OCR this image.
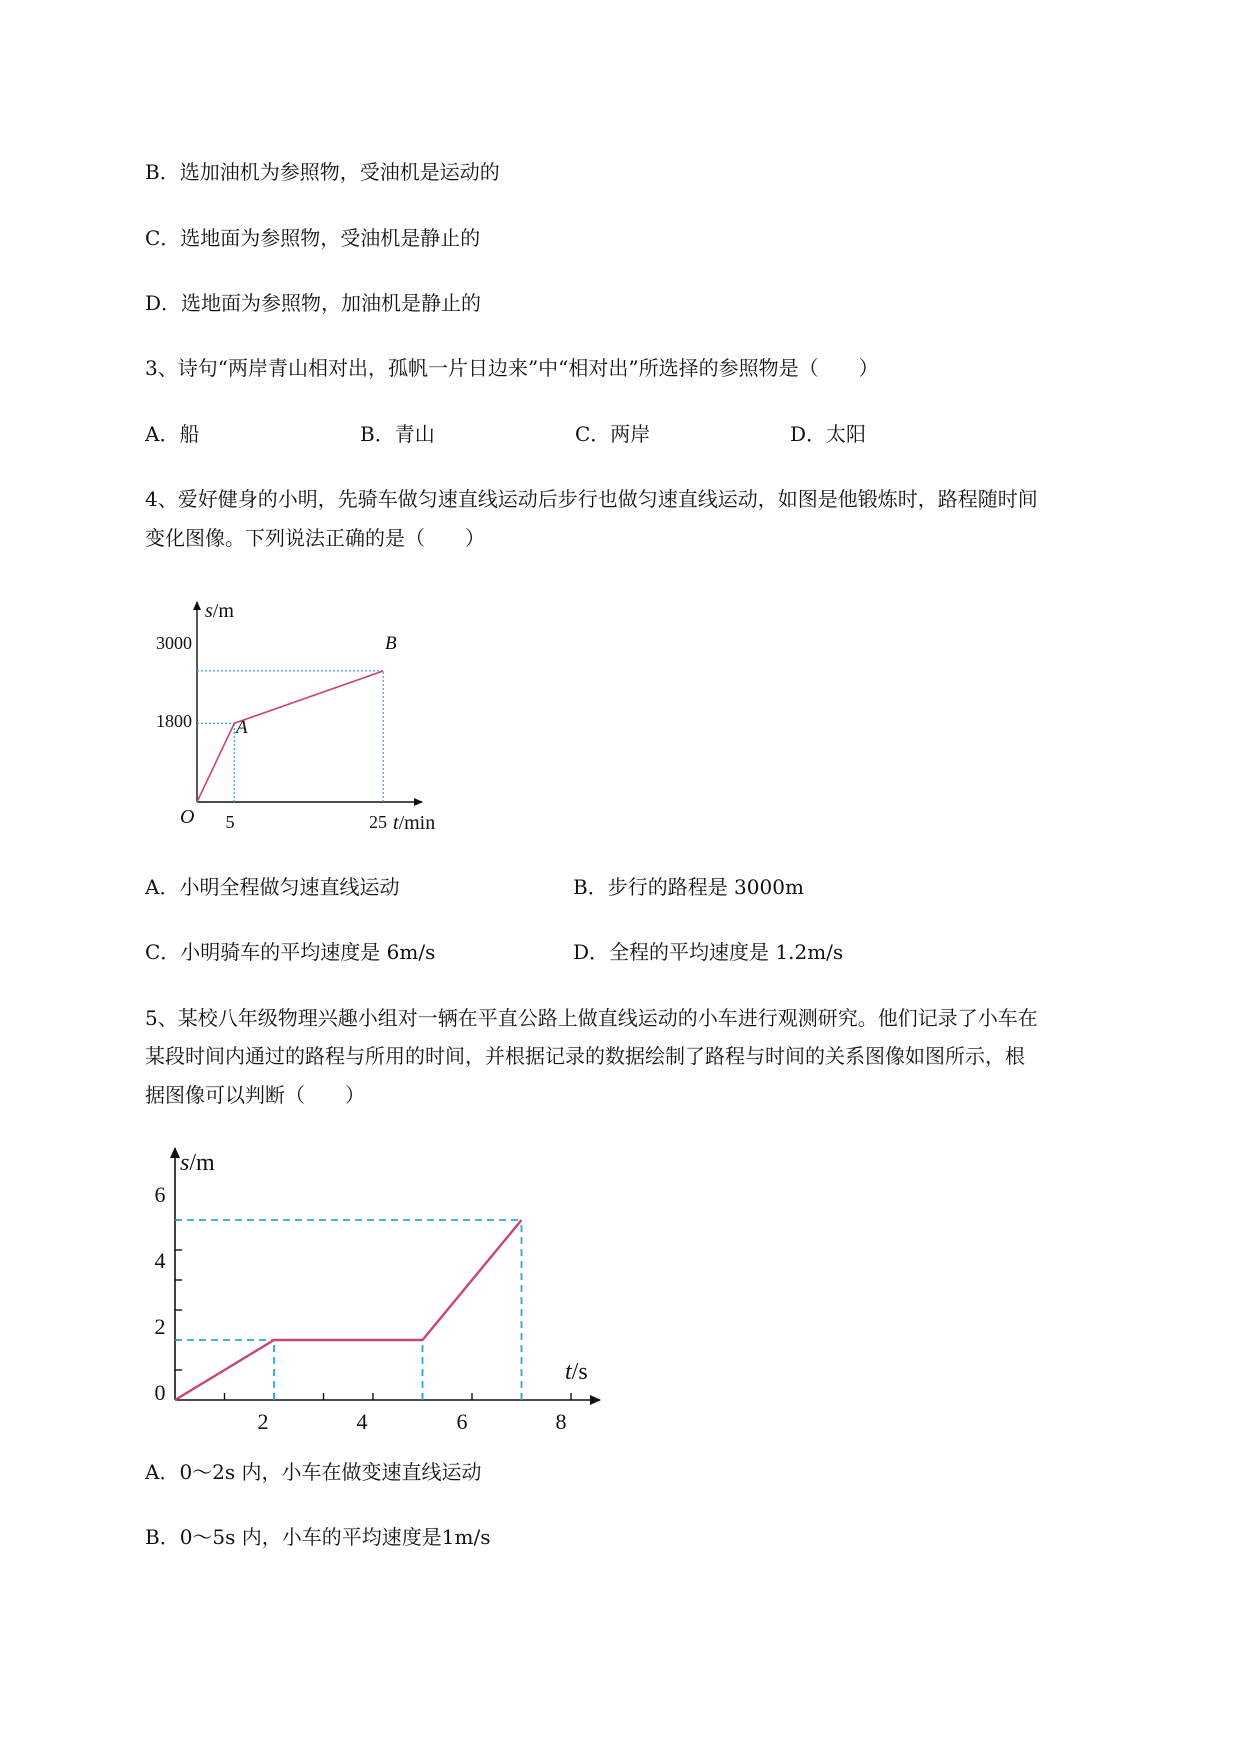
B．选加油机为参照物，受油机是运动的
C．选地面为参照物，受油机是静止的
D．选地面为参照物，加油机是静止的
3、诗句“两岸青山相对出，孤帆一片日边来”中“相对出”所选择的参照物是（　　）
A．船	B．青山	C．两岸	D．太阳
4、爱好健身的小明，先骑车做匀速直线运动后步行也做匀速直线运动，如图是他锻炼时，路程随时间
变化图像。下列说法正确的是（　　）
s/m
3000
1800
O 5	25 t/min
A
B
A．小明全程做匀速直线运动	B．步行的路程是 3000m
C．小明骑车的平均速度是 6m/s	D．全程的平均速度是 1.2m/s
5、某校八年级物理兴趣小组对一辆在平直公路上做直线运动的小车进行观测研究。他们记录了小车在
某段时间内通过的路程与所用的时间，并根据记录的数据绘制了路程与时间的关系图像如图所示，根
据图像可以判断（　　）
s/m
6
4
2
0
2	4	6	8
t/s
A．0～2s 内，小车在做变速直线运动
B．0～5s 内，小车的平均速度是1m/s
